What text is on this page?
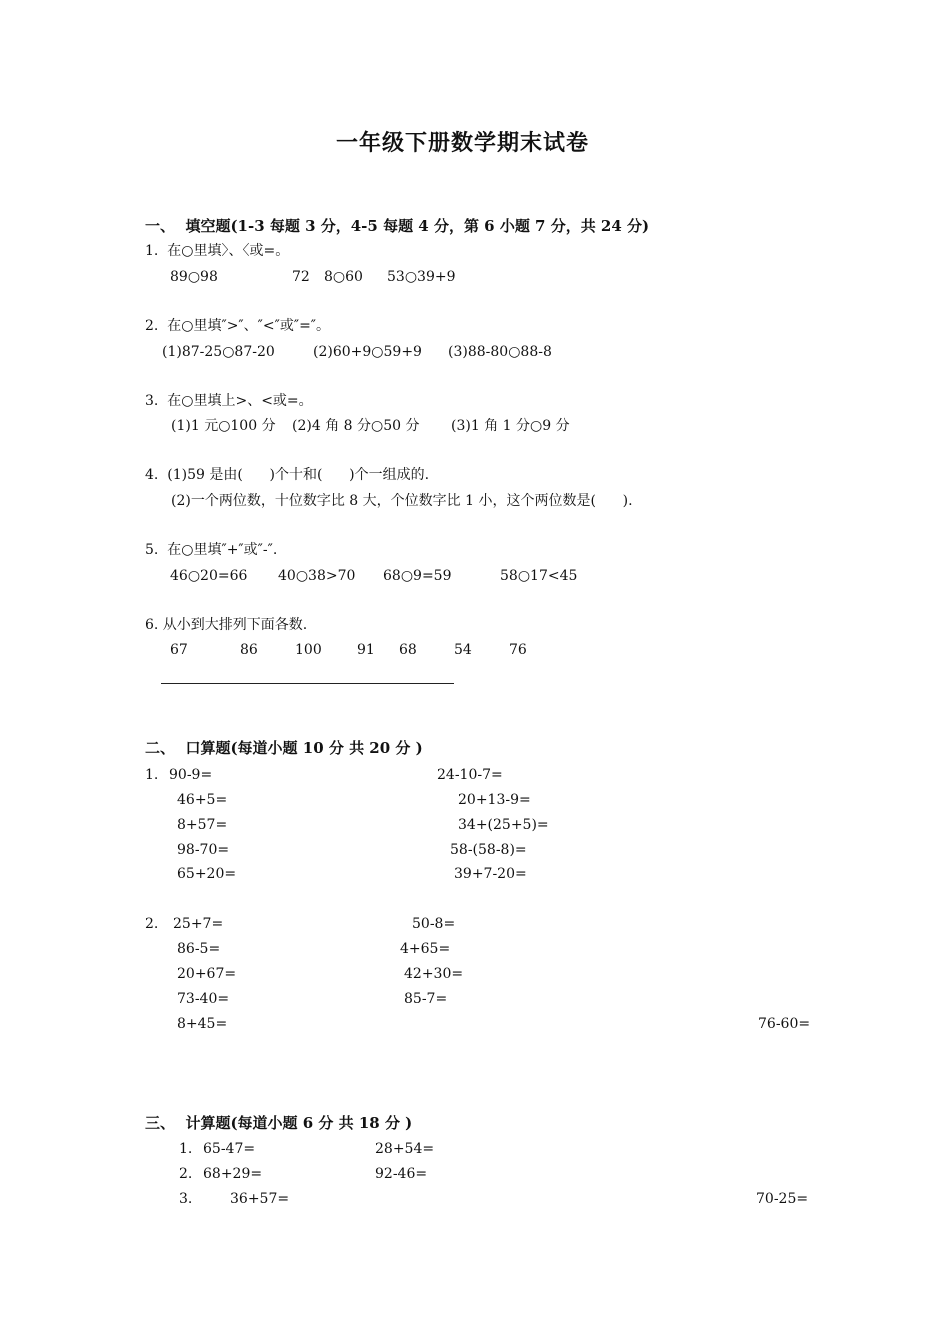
一年级下册数学期末试卷
一、  填空题(1-3 每题 3 分，4-5 每题 4 分，第 6 小题 7 分，共 24 分)
1.  在○里填〉、〈或=。
89○98	72 8○60 53○39+9
2.  在○里填″>″、″<″或″=″。
(1)87-25○87-20	(2)60+9○59+9 (3)88-80○88-8
3.  在○里填上>、<或=。
(1)1 元○100 分 (2)4 角 8 分○50 分 (3)1 角 1 分○9 分
4.  (1)59 是由(      )个十和(      )个一组成的.
(2)一个两位数，十位数字比 8 大，个位数字比 1 小，这个两位数是(      ).
5.  在○里填″+″或″-″.
46○20=66 40○38>70 68○9=59	58○17<45
6. 从小到大排列下面各数.
67	86	100	91 68	54	76
二、  口算题(每道小题 10 分 共 20 分 )
1. 90-9=	24-10-7=
46+5=	20+13-9=
8+57=	34+(25+5)=
98-70=	58-(58-8)=
65+20=	39+7-20=
2. 25+7=	50-8=
86-5=	4+65=
20+67=	42+30=
73-40=	85-7=
8+45=	76-60=
三、  计算题(每道小题 6 分 共 18 分 )
1. 65-47=	28+54=
2. 68+29=	92-46=
3.	36+57=	70-25=
